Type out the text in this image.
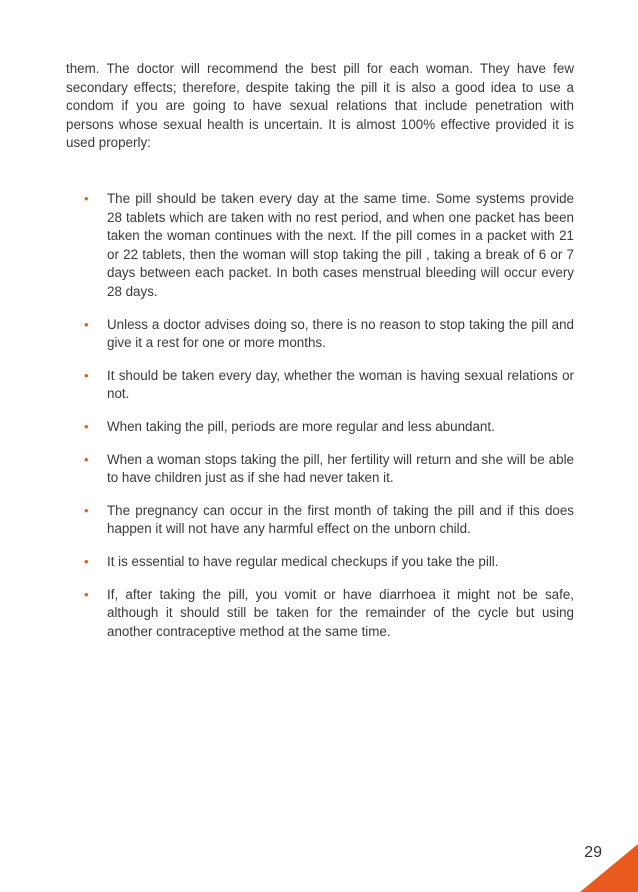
them. The doctor will recommend the best pill for each woman. They have few secondary effects; therefore, despite taking the pill it is also a good idea to use a condom if you are going to have sexual relations that include penetration with persons whose sexual health is uncertain. It is almost 100% effective provided it is used properly:

• The pill should be taken every day at the same time. Some systems provide 28 tablets which are taken with no rest period, and when one packet has been taken the woman continues with the next. If the pill comes in a packet with 21 or 22 tablets, then the woman will stop taking the pill , taking a break of 6 or 7 days between each packet. In both cases menstrual bleeding will occur every 28 days.
• Unless a doctor advises doing so, there is no reason to stop taking the pill and give it a rest for one or more months.
• It should be taken every day, whether the woman is having sexual relations or not.
• When taking the pill, periods are more regular and less abundant.
• When a woman stops taking the pill, her fertility will return and she will be able to have children just as if she had never taken it.
• The pregnancy can occur in the first month of taking the pill and if this does happen it will not have any harmful effect on the unborn child.
• It is essential to have regular medical checkups if you take the pill.
• If, after taking the pill, you vomit or have diarrhoea it might not be safe, although it should still be taken for the remainder of the cycle but using another contraceptive method at the same time.
29
